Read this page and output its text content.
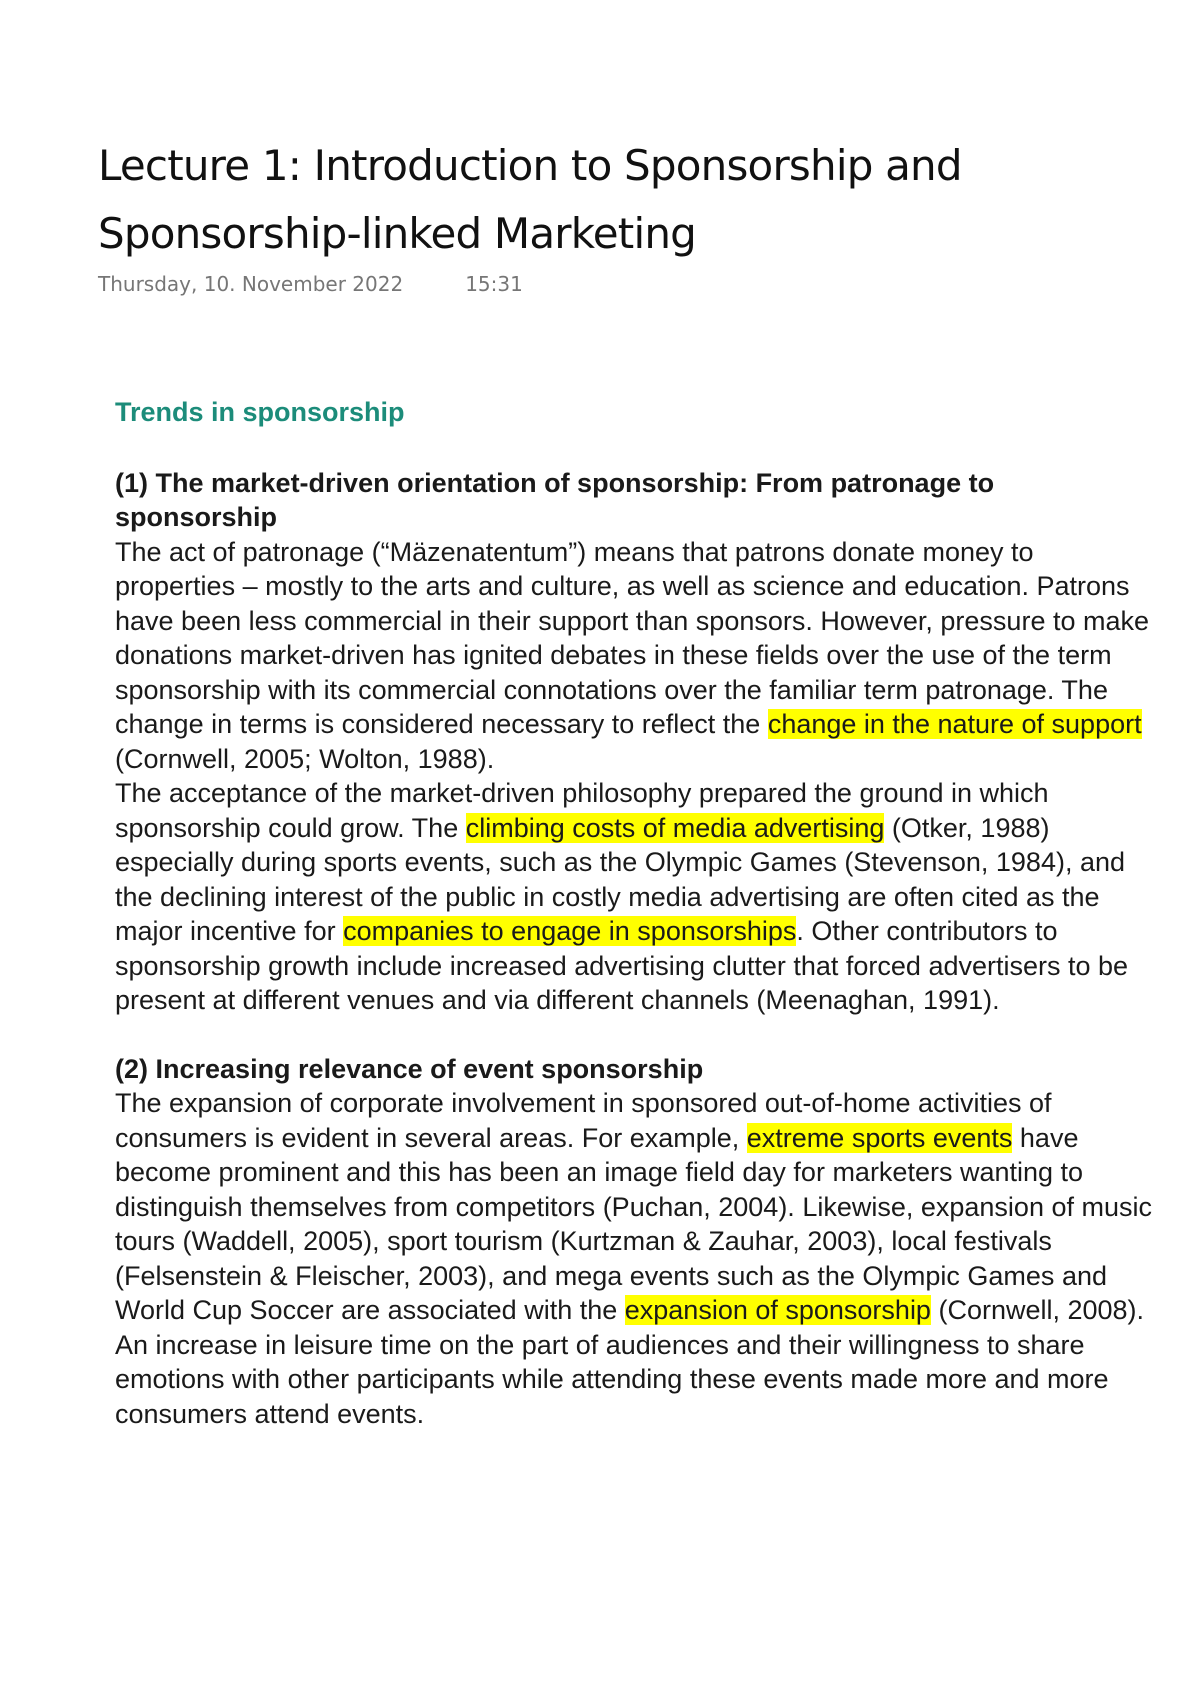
Lecture 1: Introduction to Sponsorship and Sponsorship-linked Marketing
Thursday, 10. November 2022	15:31
Trends in sponsorship
(1) The market-driven orientation of sponsorship: From patronage to sponsorship

The act of patronage (“Mäzenatentum”) means that patrons donate money to properties – mostly to the arts and culture, as well as science and education. Patrons have been less commercial in their support than sponsors. However, pressure to make donations market-driven has ignited debates in these fields over the use of the term sponsorship with its commercial connotations over the familiar term patronage. The change in terms is considered necessary to reflect the change in the nature of support (Cornwell, 2005; Wolton, 1988).

The acceptance of the market-driven philosophy prepared the ground in which sponsorship could grow. The climbing costs of media advertising (Otker, 1988) especially during sports events, such as the Olympic Games (Stevenson, 1984), and the declining interest of the public in costly media advertising are often cited as the major incentive for companies to engage in sponsorships. Other contributors to sponsorship growth include increased advertising clutter that forced advertisers to be present at different venues and via different channels (Meenaghan, 1991).

(2) Increasing relevance of event sponsorship

The expansion of corporate involvement in sponsored out-of-home activities of consumers is evident in several areas. For example, extreme sports events have become prominent and this has been an image field day for marketers wanting to distinguish themselves from competitors (Puchan, 2004). Likewise, expansion of music tours (Waddell, 2005), sport tourism (Kurtzman & Zauhar, 2003), local festivals (Felsenstein & Fleischer, 2003), and mega events such as the Olympic Games and World Cup Soccer are associated with the expansion of sponsorship (Cornwell, 2008). An increase in leisure time on the part of audiences and their willingness to share emotions with other participants while attending these events made more and more consumers attend events.
